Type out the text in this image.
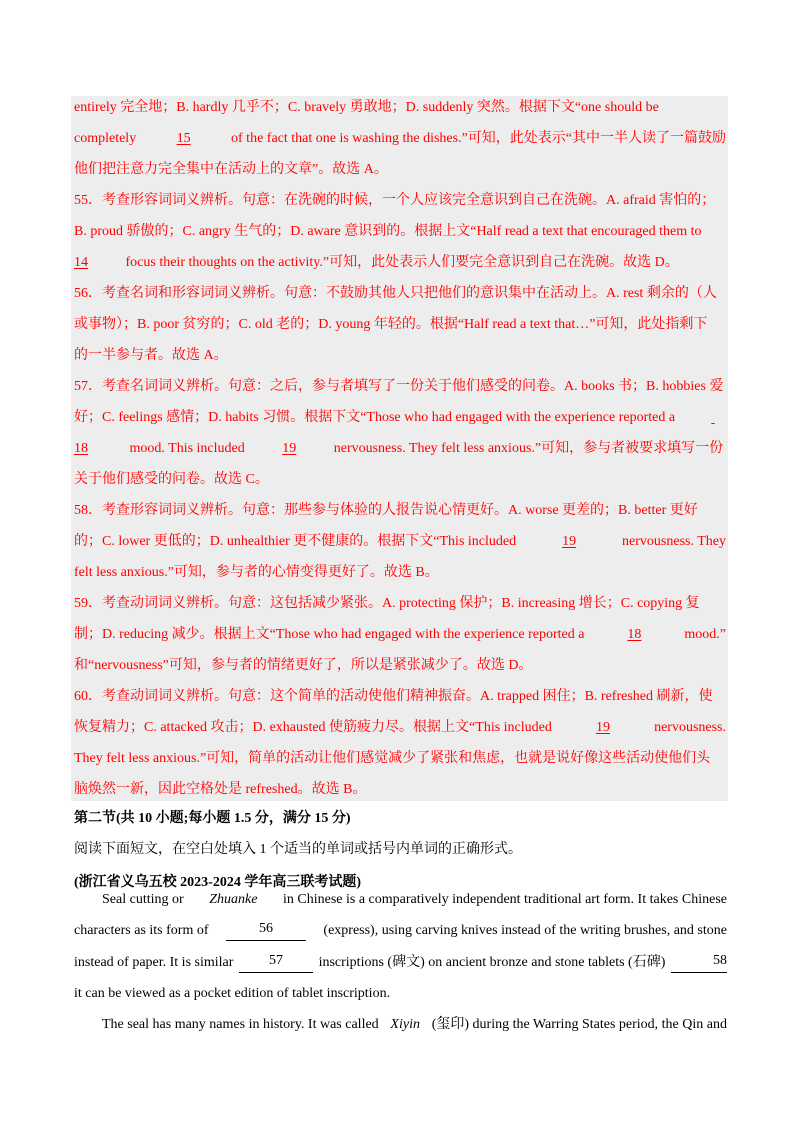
entirely 完全地；B. hardly 几乎不；C. bravely 勇敢地；D. suddenly 突然。根据下文“one should be
completely	15	of the fact that one is washing the dishes.”可知，此处表示“其中一半人读了一篇鼓励
他们把注意力完全集中在活动上的文章”。故选 A。
55．考查形容词词义辨析。句意：在洗碗的时候，一个人应该完全意识到自己在洗碗。A. afraid 害怕的；
B. proud 骄傲的；C. angry 生气的；D. aware 意识到的。根据上文“Half read a text that encouraged them to
14	focus their thoughts on the activity.”可知，此处表示人们要完全意识到自己在洗碗。故选 D。
56．考查名词和形容词词义辨析。句意：不鼓励其他人只把他们的意识集中在活动上。A. rest 剩余的（人
或事物）；B. poor 贫穷的；C. old 老的；D. young 年轻的。根据“Half read a text that…”可知，此处指剩下
的一半参与者。故选 A。
57．考查名词词义辨析。句意：之后，参与者填写了一份关于他们感受的问卷。A. books 书；B. hobbies 爱
好；C. feelings 感情；D. habits 习惯。根据下文“Those who had engaged with the experience reported a

18	mood. This included	19	nervousness. They felt less anxious.”可知，参与者被要求填写一份
关于他们感受的问卷。故选 C。
58．考查形容词词义辨析。句意：那些参与体验的人报告说心情更好。A. worse 更差的；B. better 更好
的；C. lower 更低的；D. unhealthier 更不健康的。根据下文“This included	19	nervousness. They
felt less anxious.”可知，参与者的心情变得更好了。故选 B。
59．考查动词词义辨析。句意：这包括减少紧张。A. protecting 保护；B. increasing 增长；C. copying 复
制；D. reducing 减少。根据上文“Those who had engaged with the experience reported a	18	mood.”
和“nervousness”可知，参与者的情绪更好了，所以是紧张减少了。故选 D。
60．考查动词词义辨析。句意：这个简单的活动使他们精神振奋。A. trapped 困住；B. refreshed 刷新，使
恢复精力；C. attacked 攻击；D. exhausted 使筋疲力尽。根据上文“This included	19	nervousness.
They felt less anxious.”可知，简单的活动让他们感觉减少了紧张和焦虑，也就是说好像这些活动使他们头
脑焕然一新，因此空格处是 refreshed。故选 B。
第二节(共 10 小题;每小题 1.5 分，满分 15 分)
阅读下面短文，在空白处填入 1 个适当的单词或括号内单词的正确形式。
(浙江省义乌五校 2023-2024 学年高三联考试题)
Seal cutting or Zhuanke in Chinese is a comparatively independent traditional art form. It takes Chinese
characters as its form of	56	(express), using carving knives instead of the writing brushes, and stone
instead of paper. It is similar	57	inscriptions (碑文) on ancient bronze and stone tablets (石碑)	58
it can be viewed as a pocket edition of tablet inscription.
The seal has many names in history. It was called Xiyin (玺印) during the Warring States period, the Qin and
